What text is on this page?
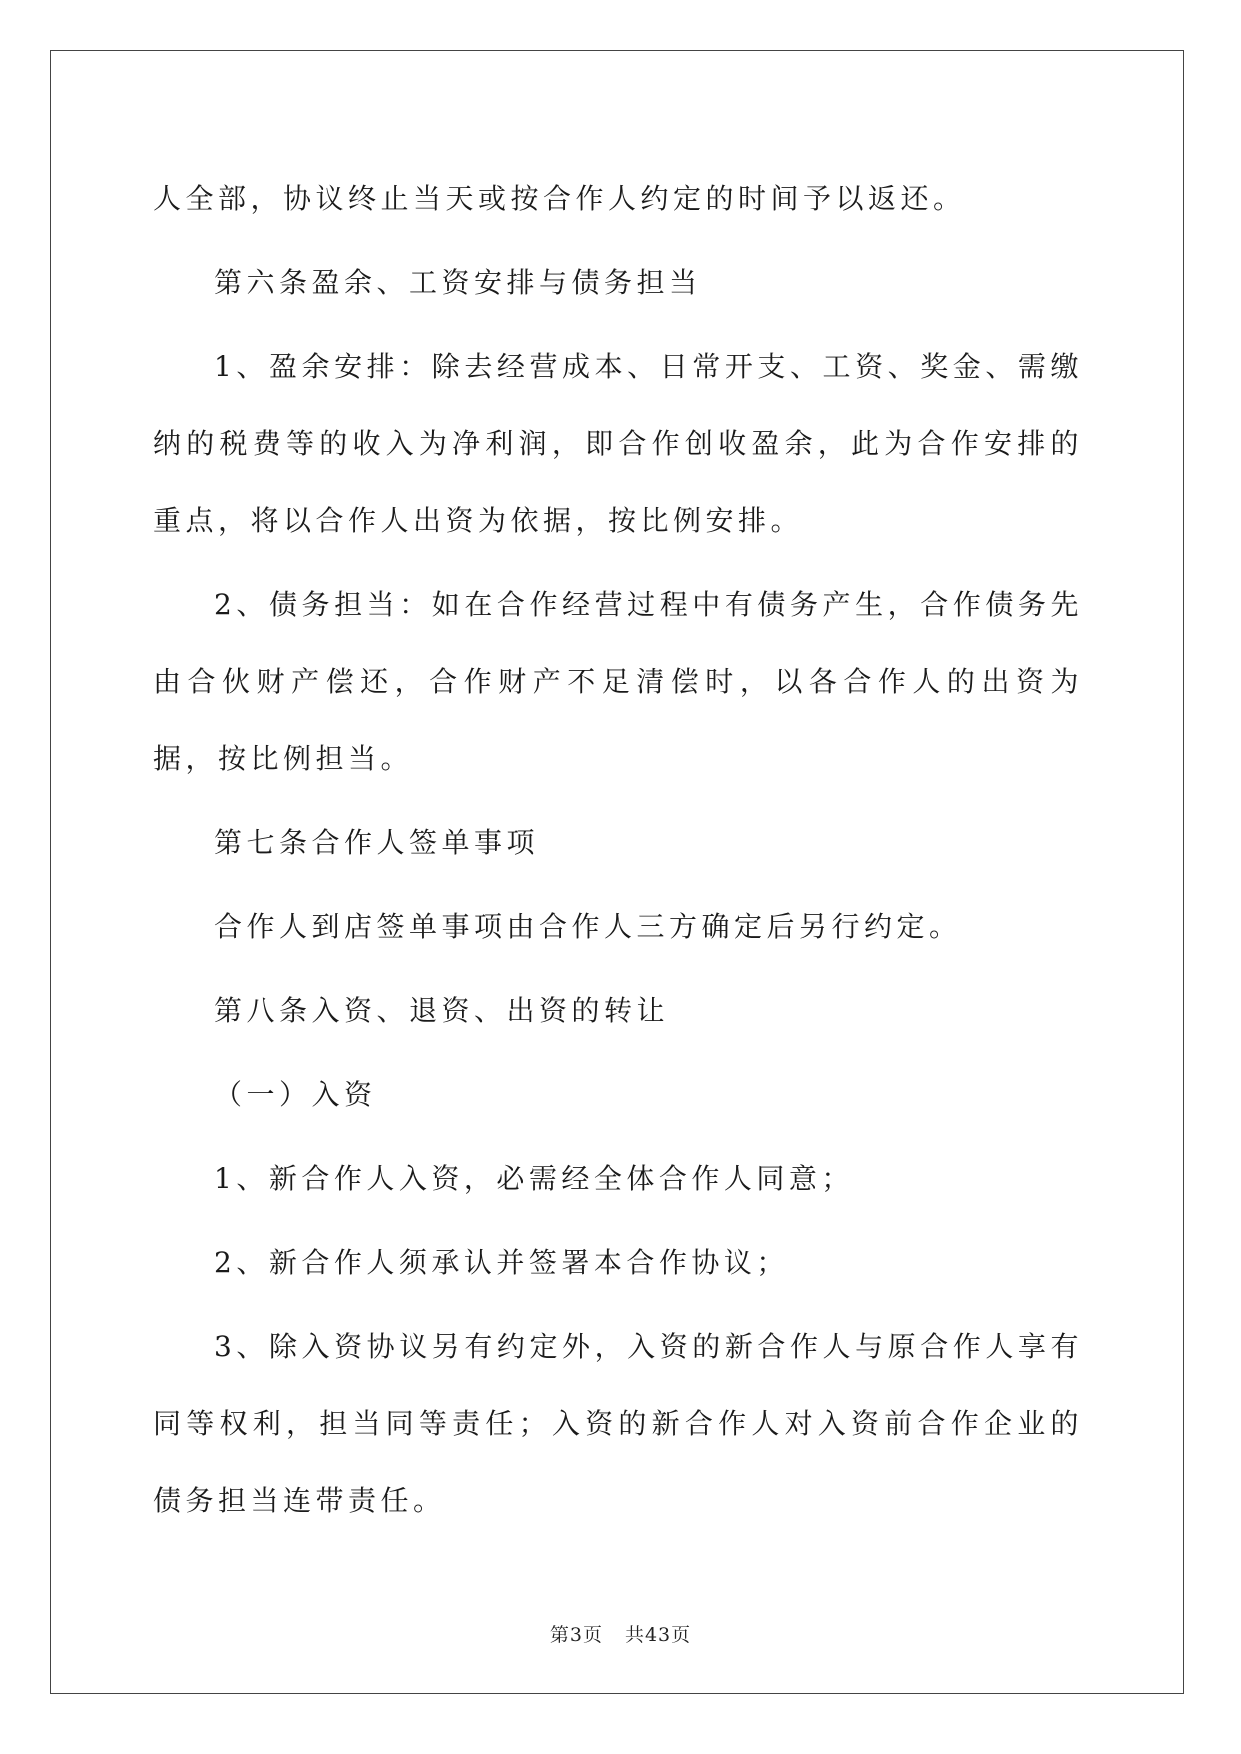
人全部，协议终止当天或按合作人约定的时间予以返还。

第六条盈余、工资安排与债务担当

1、盈余安排：除去经营成本、日常开支、工资、奖金、需缴纳的税费等的收入为净利润，即合作创收盈余，此为合作安排的重点，将以合作人出资为依据，按比例安排。

2、债务担当：如在合作经营过程中有债务产生，合作债务先由合伙财产偿还，合作财产不足清偿时，以各合作人的出资为据，按比例担当。

第七条合作人签单事项

合作人到店签单事项由合作人三方确定后另行约定。

第八条入资、退资、出资的转让

（一）入资

1、新合作人入资，必需经全体合作人同意；

2、新合作人须承认并签署本合作协议；

3、除入资协议另有约定外，入资的新合作人与原合作人享有同等权利，担当同等责任；入资的新合作人对入资前合作企业的债务担当连带责任。

第3页 共43页
